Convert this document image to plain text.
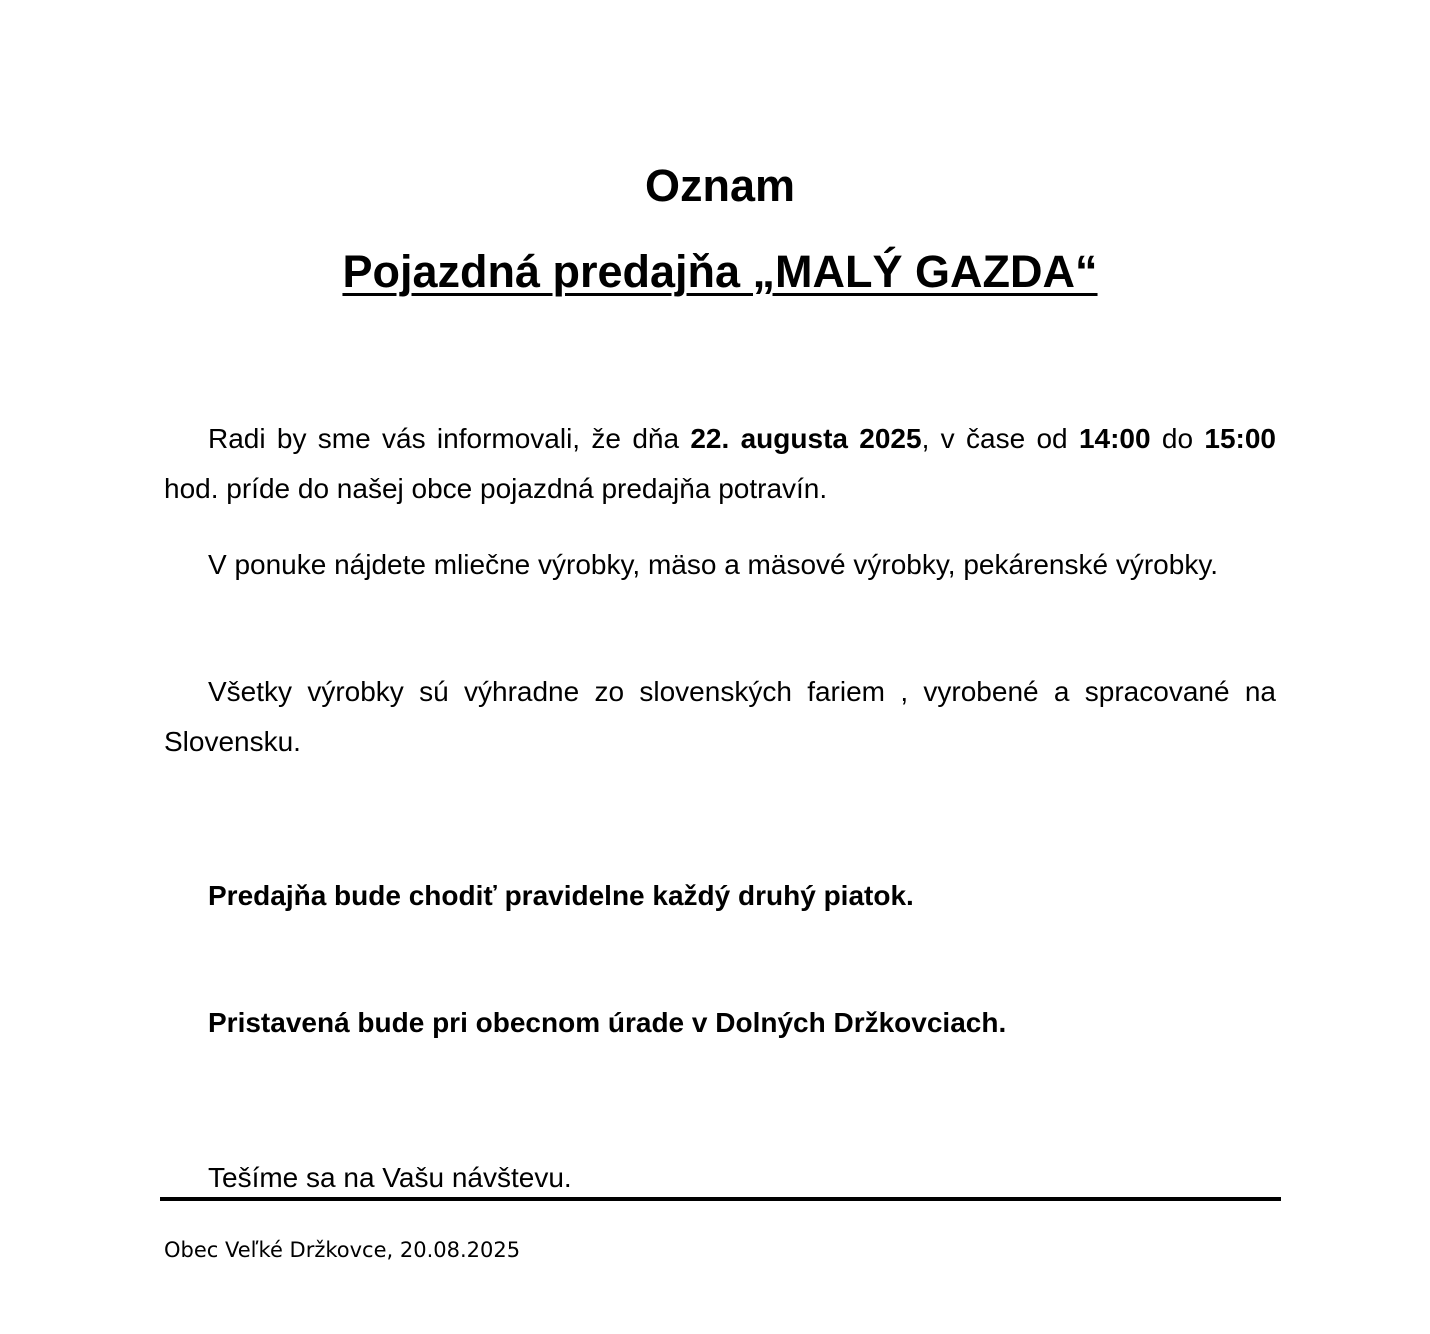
Oznam
Pojazdná predajňa „MALÝ GAZDA“

Radi by sme vás informovali, že dňa 22. augusta 2025, v čase od 14:00 do 15:00 hod. príde do našej obce pojazdná predajňa potravín.

V ponuke nájdete mliečne výrobky, mäso a mäsové výrobky, pekárenské výrobky.

Všetky výrobky sú výhradne zo slovenských fariem , vyrobené a spracované na Slovensku.

Predajňa bude chodiť pravidelne každý druhý piatok.

Pristavená bude pri obecnom úrade v Dolných Držkovciach.

Tešíme sa na Vašu návštevu.

Obec Veľké Držkovce, 20.08.2025
